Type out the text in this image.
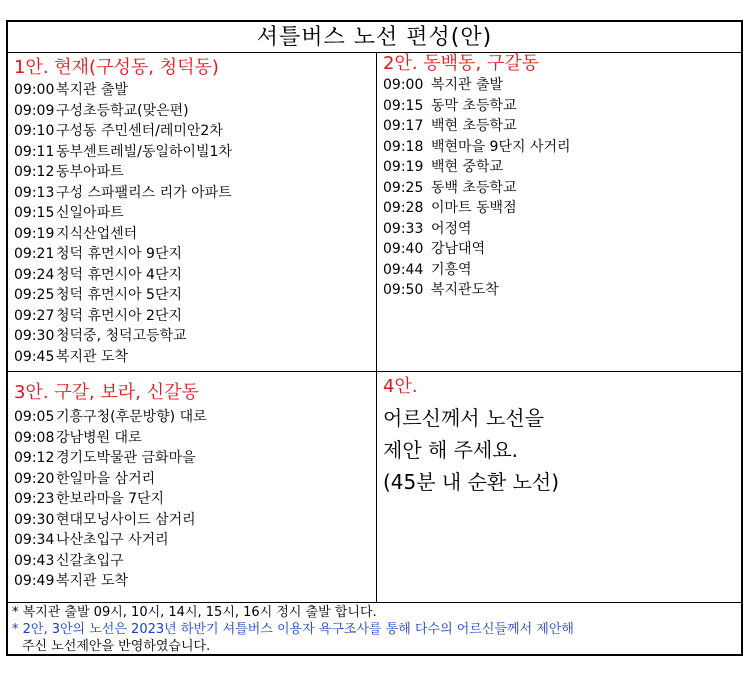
셔틀버스 노선 편성(안)

1안. 현재(구성동, 청덕동)

09:00 복지관 출발
09:09 구성초등학교(맞은편)
09:10 구성동 주민센터/레미안2차
09:11 동부센트레빌/동일하이빌1차
09:12 동부아파트
09:13 구성 스파팰리스 리가 아파트
09:15 신일아파트
09:19 지식산업센터
09:21 청덕 휴먼시아 9단지
09:24 청덕 휴먼시아 4단지
09:25 청덕 휴먼시아 5단지
09:27 청덕 휴먼시아 2단지
09:30 청덕중, 청덕고등학교
09:45 복지관 도착

2안. 동백동, 구갈동

09:00 복지관 출발
09:15 동막 초등학교
09:17 백현 초등학교
09:18 백현마을 9단지 사거리
09:19 백현 중학교
09:25 동백 초등학교
09:28 이마트 동백점
09:33 어정역
09:40 강남대역
09:44 기흥역
09:50 복지관도착

3안. 구갈, 보라, 신갈동

09:05 기흥구청(후문방향) 대로
09:08 강남병원 대로
09:12 경기도박물관 금화마을
09:20 한일마을 삼거리
09:23 한보라마을 7단지
09:30 현대모닝사이드 삼거리
09:34 나산초입구 사거리
09:43 신갈초입구
09:49 복지관 도착

4안.

어르신께서 노선을

제안 해 주세요.

(45분 내 순환 노선)

* 복지관 출발 09시, 10시, 14시, 15시, 16시 정시 출발 합니다.
* 2안, 3안의 노선은 2023년 하반기 셔틀버스 이용자 욕구조사를 통해 다수의 어르신들께서 제안해
주신 노선제안을 반영하였습니다.
